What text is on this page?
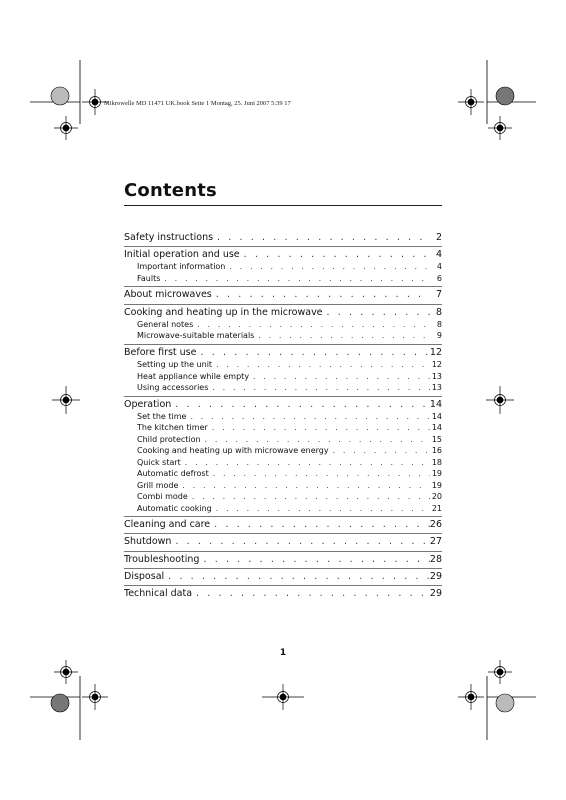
Mikrowelle MD 11471 UK.book Seite 1 Montag, 25. Juni 2007 5:39 17
Contents
Safety instructions . . .	2
Initial operation and use . . .	4
Important information . . .	4
Faults . . .	6
About microwaves . . .	7
Cooking and heating up in the microwave . . .	8
General notes . . .	8
Microwave-suitable materials . . .	9
Before first use . . .	12
Setting up the unit . . .	12
Heat appliance while empty . . .	13
Using accessories . . .	13
Operation . . .	14
Set the time . . .	14
The kitchen timer . . .	14
Child protection . . .	15
Cooking and heating up with microwave energy . . .	16
Quick start . . .	18
Automatic defrost . . .	19
Grill mode . . .	19
Combi mode . . .	20
Automatic cooking . . .	21
Cleaning and care . . .	26
Shutdown . . .	27
Troubleshooting . . .	28
Disposal . . .	29
Technical data . . .	29
1
